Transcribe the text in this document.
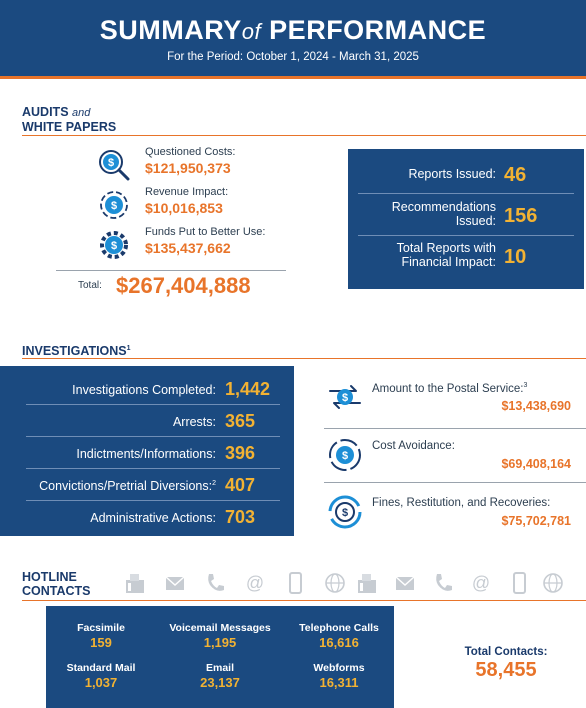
SUMMARYof PERFORMANCE
For the Period: October 1, 2024 - March 31, 2025
AUDITS and
WHITE PAPERS
$
Questioned Costs:
$121,950,373
$
Revenue Impact:
$10,016,853
$
Funds Put to Better Use:
$135,437,662
Total: $267,404,888
Reports Issued: 46
Recommendations Issued: 156
Total Reports with Financial Impact: 10
INVESTIGATIONS$^1$
Investigations Completed: 1,442
Arrests: 365
Indictments/Informations: 396
Convictions/Pretrial Diversions:$^2$ 407
Administrative Actions: 703
$
Amount to the Postal Service:$^3$
$13,438,690
$
Cost Avoidance:
$69,408,164
$
Fines, Restitution, and Recoveries:
$75,702,781
HOTLINE
CONTACTS	@	@
Facsimile
159
Voicemail Messages
1,195
Telephone Calls
16,616
Standard Mail
1,037
Email
23,137
Webforms
16,311
Total Contacts:
58,455
